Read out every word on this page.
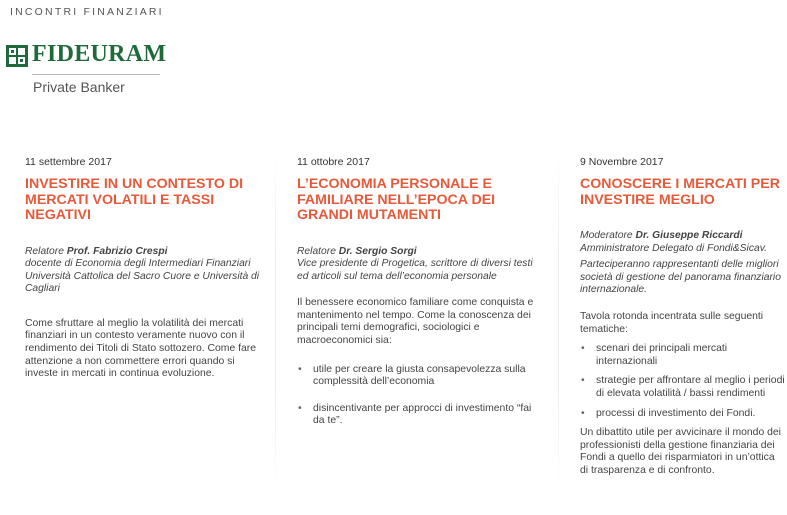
INCONTRI FINANZIARI
FIDEURAM
Private Banker
11 settembre 2017
INVESTIRE IN UN CONTESTO DI MERCATI VOLATILI E TASSI NEGATIVI
Relatore Prof. Fabrizio Crespi
docente di Economia degli Intermediari Finanziari Università Cattolica del Sacro Cuore e Università di Cagliari
Come sfruttare al meglio la volatilità dei mercati finanziari in un contesto veramente nuovo con il rendimento dei Titoli di Stato sottozero. Come fare attenzione a non commettere errori quando si investe in mercati in continua evoluzione.
11 ottobre 2017
L’ECONOMIA PERSONALE E FAMILIARE NELL’EPOCA DEI GRANDI MUTAMENTI
Relatore Dr. Sergio Sorgi
Vice presidente di Progetica, scrittore di diversi testi ed articoli sul tema dell’economia personale
Il benessere economico familiare come conquista e mantenimento nel tempo. Come la conoscenza dei principali temi demografici, sociologici e macroeconomici sia:
• utile per creare la giusta consapevolezza sulla complessità dell’economia
• disincentivante per approcci di investimento “fai da te”.
9 Novembre 2017
CONOSCERE I MERCATI PER INVESTIRE MEGLIO
Moderatore Dr. Giuseppe Riccardi
Amministratore Delegato di Fondi&Sicav.
Parteciperanno rappresentanti delle migliori società di gestione del panorama finanziario internazionale.
Tavola rotonda incentrata sulle seguenti tematiche:
• scenari dei principali mercati internazionali
• strategie per affrontare al meglio i periodi di elevata volatilità / bassi rendimenti
• processi di investimento dei Fondi.
Un dibattito utile per avvicinare il mondo dei professionisti della gestione finanziaria dei Fondi a quello dei risparmiatori in un’ottica di trasparenza e di confronto.
